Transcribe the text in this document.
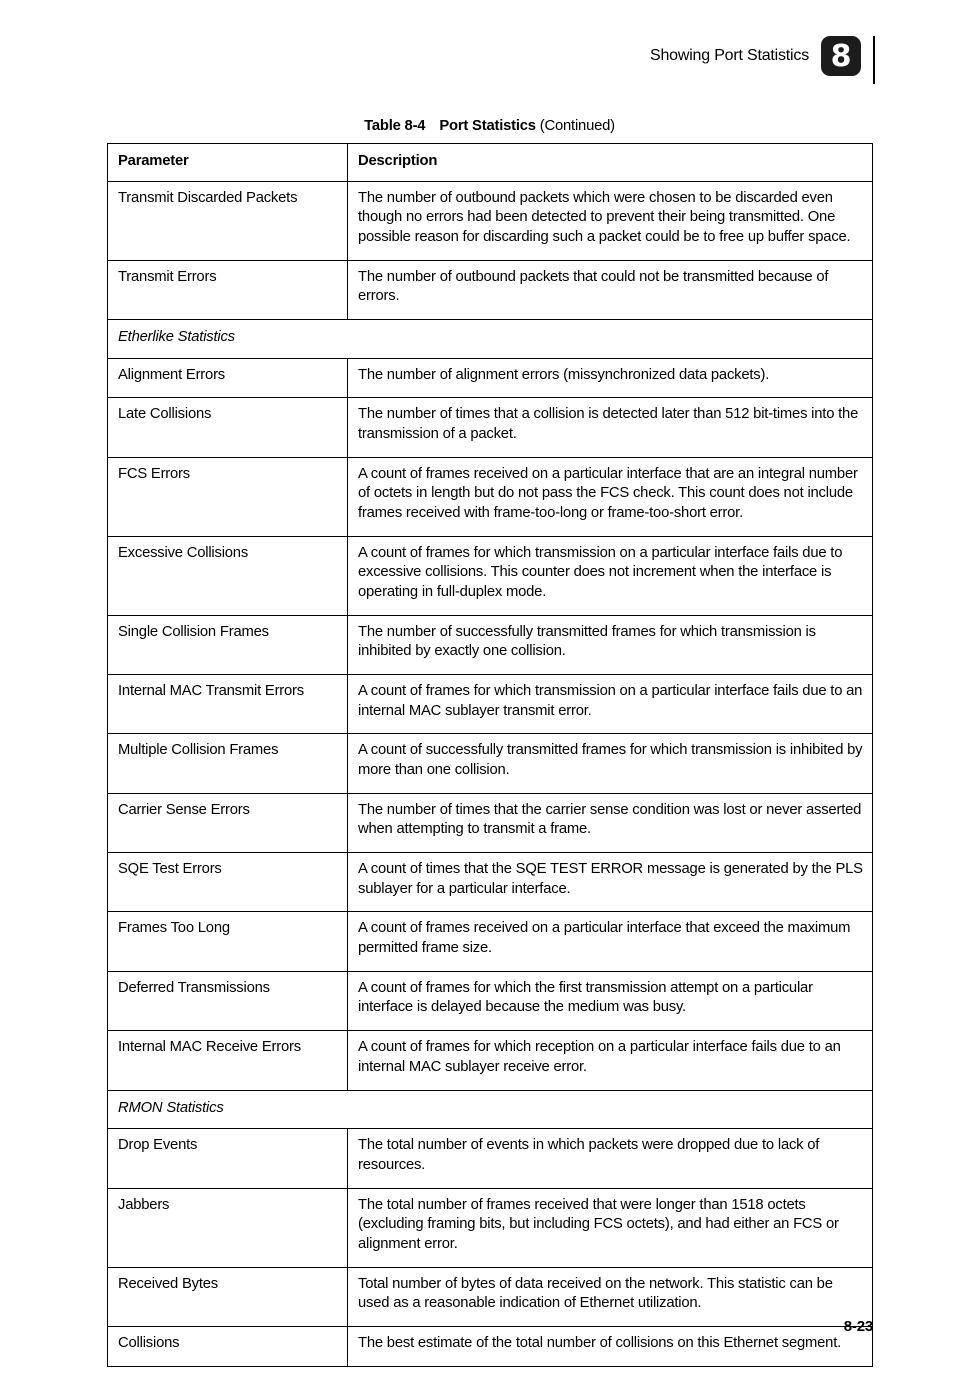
Showing Port Statistics 8
Table 8-4 Port Statistics (Continued)
Parameter	Description
Transmit Discarded Packets	The number of outbound packets which were chosen to be discarded even though no errors had been detected to prevent their being transmitted. One possible reason for discarding such a packet could be to free up buffer space.
Transmit Errors	The number of outbound packets that could not be transmitted because of errors.
Etherlike Statistics	
Alignment Errors	The number of alignment errors (missynchronized data packets).
Late Collisions	The number of times that a collision is detected later than 512 bit-times into the transmission of a packet.
FCS Errors	A count of frames received on a particular interface that are an integral number of octets in length but do not pass the FCS check. This count does not include frames received with frame-too-long or frame-too-short error.
Excessive Collisions	A count of frames for which transmission on a particular interface fails due to excessive collisions. This counter does not increment when the interface is operating in full-duplex mode.
Single Collision Frames	The number of successfully transmitted frames for which transmission is inhibited by exactly one collision.
Internal MAC Transmit Errors	A count of frames for which transmission on a particular interface fails due to an internal MAC sublayer transmit error.
Multiple Collision Frames	A count of successfully transmitted frames for which transmission is inhibited by more than one collision.
Carrier Sense Errors	The number of times that the carrier sense condition was lost or never asserted when attempting to transmit a frame.
SQE Test Errors	A count of times that the SQE TEST ERROR message is generated by the PLS sublayer for a particular interface.
Frames Too Long	A count of frames received on a particular interface that exceed the maximum permitted frame size.
Deferred Transmissions	A count of frames for which the first transmission attempt on a particular interface is delayed because the medium was busy.
Internal MAC Receive Errors	A count of frames for which reception on a particular interface fails due to an internal MAC sublayer receive error.
RMON Statistics	
Drop Events	The total number of events in which packets were dropped due to lack of resources.
Jabbers	The total number of frames received that were longer than 1518 octets (excluding framing bits, but including FCS octets), and had either an FCS or alignment error.
Received Bytes	Total number of bytes of data received on the network. This statistic can be used as a reasonable indication of Ethernet utilization.
Collisions	The best estimate of the total number of collisions on this Ethernet segment.
8-23
